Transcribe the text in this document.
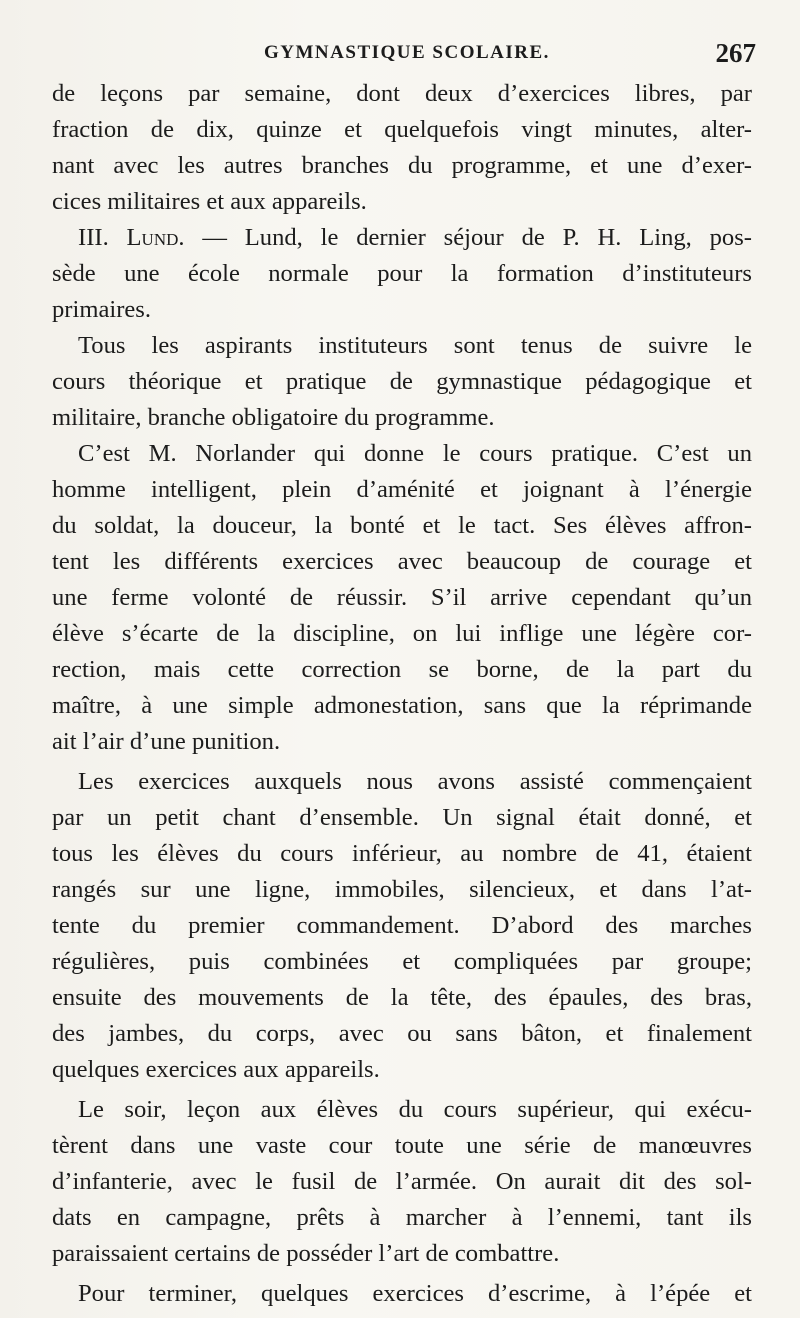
GYMNASTIQUE SCOLAIRE.	267

de leçons par semaine, dont deux d’exercices libres, par
fraction de dix, quinze et quelquefois vingt minutes, alter-
nant avec les autres branches du programme, et une d’exer-
cices militaires et aux appareils.

III. Lund. — Lund, le dernier séjour de P. H. Ling, pos-
sède une école normale pour la formation d’instituteurs
primaires.

Tous les aspirants instituteurs sont tenus de suivre le
cours théorique et pratique de gymnastique pédagogique et
militaire, branche obligatoire du programme.

C’est M. Norlander qui donne le cours pratique. C’est un
homme intelligent, plein d’aménité et joignant à l’énergie
du soldat, la douceur, la bonté et le tact. Ses élèves affron-
tent les différents exercices avec beaucoup de courage et
une ferme volonté de réussir. S’il arrive cependant qu’un
élève s’écarte de la discipline, on lui inflige une légère cor-
rection, mais cette correction se borne, de la part du
maître, à une simple admonestation, sans que la réprimande
ait l’air d’une punition.

Les exercices auxquels nous avons assisté commençaient
par un petit chant d’ensemble. Un signal était donné, et
tous les élèves du cours inférieur, au nombre de 41, étaient
rangés sur une ligne, immobiles, silencieux, et dans l’at-
tente du premier commandement. D’abord des marches
régulières, puis combinées et compliquées par groupe;
ensuite des mouvements de la tête, des épaules, des bras,
des jambes, du corps, avec ou sans bâton, et finalement
quelques exercices aux appareils.

Le soir, leçon aux élèves du cours supérieur, qui exécu-
tèrent dans une vaste cour toute une série de manœuvres
d’infanterie, avec le fusil de l’armée. On aurait dit des sol-
dats en campagne, prêts à marcher à l’ennemi, tant ils
paraissaient certains de posséder l’art de combattre.

Pour terminer, quelques exercices d’escrime, à l’épée et
